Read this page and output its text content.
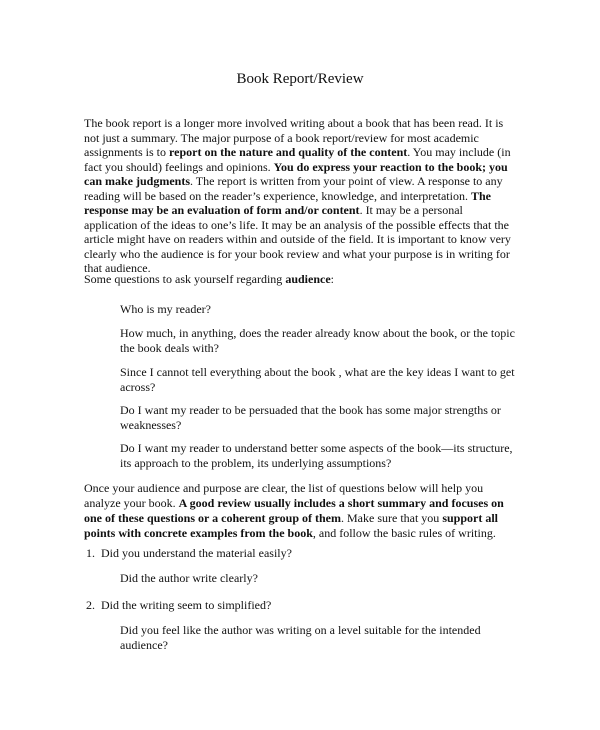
Book Report/Review

The book report is a longer more involved writing about a book that has been read. It is not just a summary. The major purpose of a book report/review for most academic assignments is to report on the nature and quality of the content. You may include (in fact you should) feelings and opinions. You do express your reaction to the book; you can make judgments. The report is written from your point of view. A response to any reading will be based on the reader’s experience, knowledge, and interpretation. The response may be an evaluation of form and/or content. It may be a personal application of the ideas to one’s life. It may be an analysis of the possible effects that the article might have on readers within and outside of the field. It is important to know very clearly who the audience is for your book review and what your purpose is in writing for that audience.

Some questions to ask yourself regarding audience:
Who is my reader?
How much, in anything, does the reader already know about the book, or the topic the book deals with?
Since I cannot tell everything about the book , what are the key ideas I want to get across?
Do I want my reader to be persuaded that the book has some major strengths or weaknesses?
Do I want my reader to understand better some aspects of the book—its structure, its approach to the problem, its underlying assumptions?

Once your audience and purpose are clear, the list of questions below will help you analyze your book. A good review usually includes a short summary and focuses on one of these questions or a coherent group of them. Make sure that you support all points with concrete examples from the book, and follow the basic rules of writing.

1. Did you understand the material easily?
Did the author write clearly?
2. Did the writing seem to simplified?
Did you feel like the author was writing on a level suitable for the intended audience?
